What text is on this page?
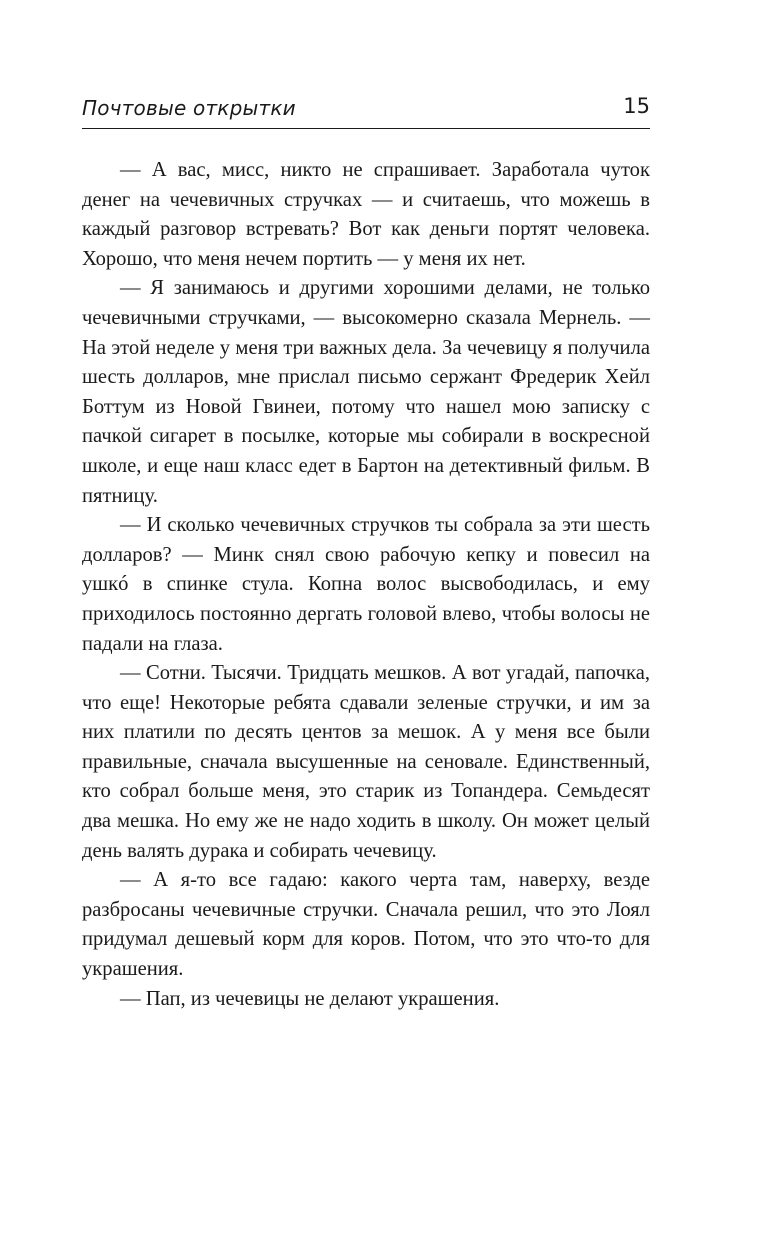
Почтовые открытки	15

— А вас, мисс, никто не спрашивает. Заработала чуток денег на чечевичных стручках — и считаешь, что можешь в каждый разговор встревать? Вот как деньги портят человека. Хорошо, что меня нечем портить — у меня их нет.

— Я занимаюсь и другими хорошими делами, не только чечевичными стручками, — высокомерно сказала Мернель. — На этой неделе у меня три важных дела. За чечевицу я получила шесть долларов, мне прислал письмо сержант Фредерик Хейл Боттум из Новой Гвинеи, потому что нашел мою записку с пачкой сигарет в посылке, которые мы собирали в воскресной школе, и еще наш класс едет в Бартон на детективный фильм. В пятницу.

— И сколько чечевичных стручков ты собрала за эти шесть долларов? — Минк снял свою рабочую кепку и повесил на ушкó в спинке стула. Копна волос высвободилась, и ему приходилось постоянно дергать головой влево, чтобы волосы не падали на глаза.

— Сотни. Тысячи. Тридцать мешков. А вот угадай, папочка, что еще! Некоторые ребята сдавали зеленые стручки, и им за них платили по десять центов за мешок. А у меня все были правильные, сначала высушенные на сеновале. Единственный, кто собрал больше меня, это старик из Топандера. Семьдесят два мешка. Но ему же не надо ходить в школу. Он может целый день валять дурака и собирать чечевицу.

— А я-то все гадаю: какого черта там, наверху, везде разбросаны чечевичные стручки. Сначала решил, что это Лоял придумал дешевый корм для коров. Потом, что это что-то для украшения.

— Пап, из чечевицы не делают украшения.
